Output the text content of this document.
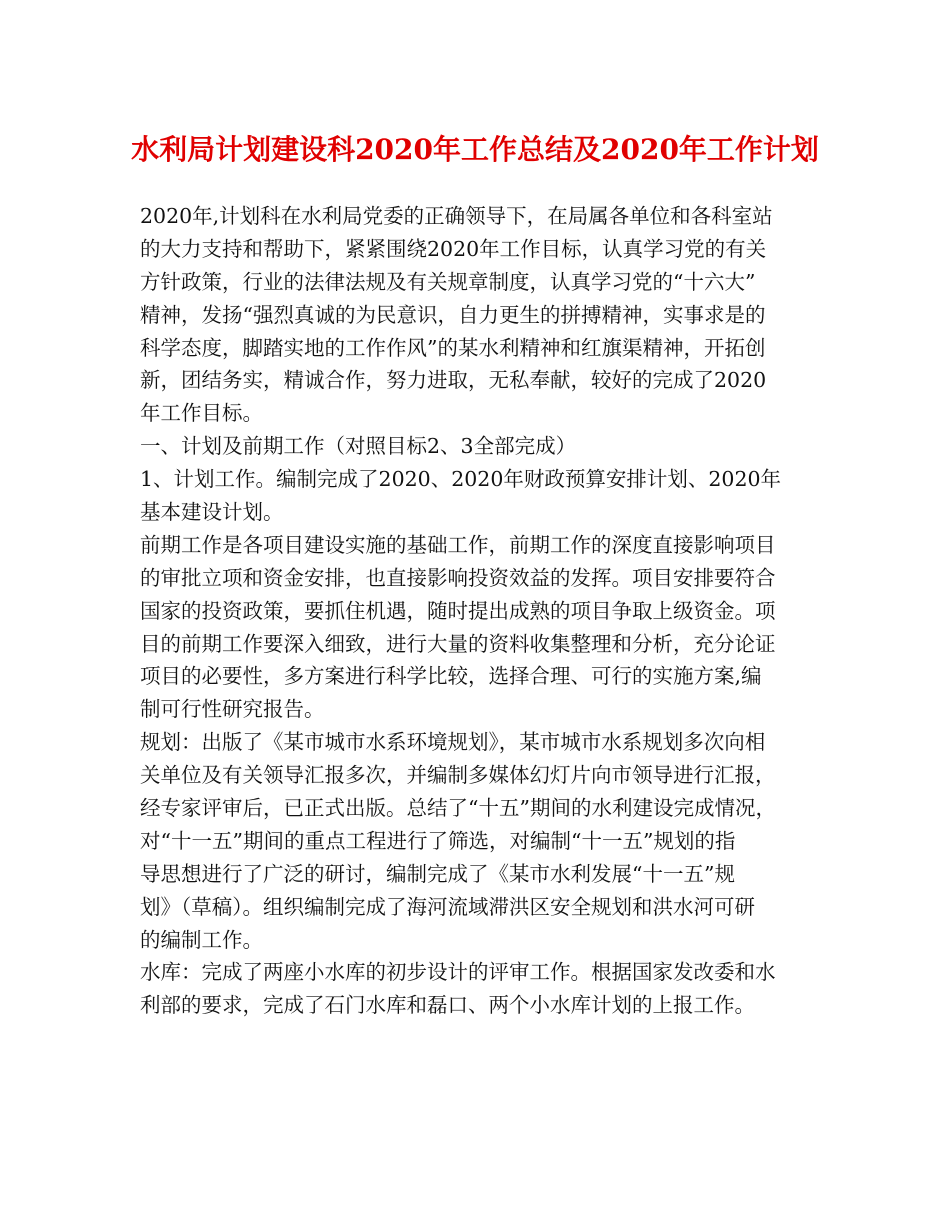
水利局计划建设科2020年工作总结及2020年工作计划
2020年,计划科在水利局党委的正确领导下，在局属各单位和各科室站
的大力支持和帮助下，紧紧围绕2020年工作目标，认真学习党的有关
方针政策，行业的法律法规及有关规章制度，认真学习党的“十六大”
精神，发扬“强烈真诚的为民意识，自力更生的拼搏精神，实事求是的
科学态度，脚踏实地的工作作风”的某水利精神和红旗渠精神，开拓创
新，团结务实，精诚合作，努力进取，无私奉献，较好的完成了2020
年工作目标。
一、计划及前期工作（对照目标2、3全部完成）
1、计划工作。编制完成了2020、2020年财政预算安排计划、2020年
基本建设计划。
前期工作是各项目建设实施的基础工作，前期工作的深度直接影响项目
的审批立项和资金安排，也直接影响投资效益的发挥。项目安排要符合
国家的投资政策，要抓住机遇，随时提出成熟的项目争取上级资金。项
目的前期工作要深入细致，进行大量的资料收集整理和分析，充分论证
项目的必要性，多方案进行科学比较，选择合理、可行的实施方案,编
制可行性研究报告。
规划：出版了《某市城市水系环境规划》，某市城市水系规划多次向相
关单位及有关领导汇报多次，并编制多媒体幻灯片向市领导进行汇报，
经专家评审后，已正式出版。总结了“十五”期间的水利建设完成情况，
对“十一五”期间的重点工程进行了筛选，对编制“十一五”规划的指
导思想进行了广泛的研讨，编制完成了《某市水利发展“十一五”规
划》（草稿）。组织编制完成了海河流域滞洪区安全规划和洪水河可研
的编制工作。
水库：完成了两座小水库的初步设计的评审工作。根据国家发改委和水
利部的要求，完成了石门水库和磊口、两个小水库计划的上报工作。
